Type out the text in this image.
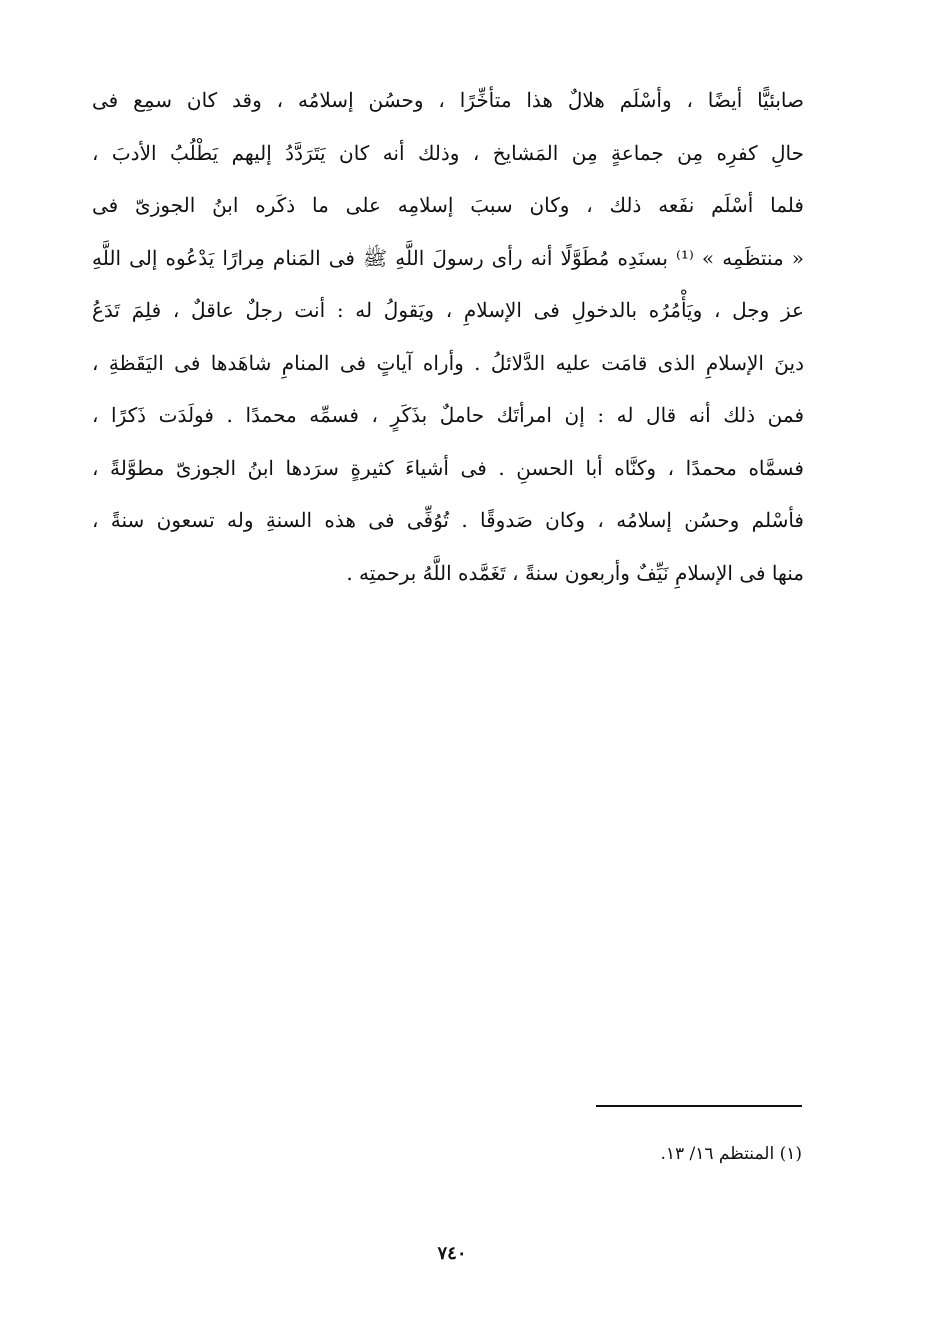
صابئيًّا أيضًا ، وأسْلَم هلالٌ هذا متأخِّرًا ، وحسُن إسلامُه ، وقد كان سمِع فى
حالِ كفرِه مِن جماعةٍ مِن المَشايخ ، وذلك أنه كان يَتَرَدَّدُ إليهم يَطْلُبُ الأدبَ ،
فلما أسْلَم نفَعه ذلك ، وكان سببَ إسلامِه على ما ذكَره ابنُ الجوزىّ فى
« منتظَمِه » ⁽¹⁾ بسنَدِه مُطَوَّلًا أنه رأى رسولَ اللَّهِ ﷺ فى المَنام مِرارًا يَدْعُوه إلى اللَّهِ
عز وجل ، ويَأْمُرُه بالدخولِ فى الإسلامِ ، ويَقولُ له : أنت رجلٌ عاقلٌ ، فلِمَ تَدَعُ
دينَ الإسلامِ الذى قامَت عليه الدَّلائلُ . وأراه آياتٍ فى المنامِ شاهَدها فى اليَقَظةِ ،
فمن ذلك أنه قال له : إن امرأتَك حاملٌ بذَكَرٍ ، فسمِّه محمدًا . فولَدَت ذَكرًا ،
فسمَّاه محمدًا ، وكنَّاه أبا الحسنِ . فى أشياءَ كثيرةٍ سرَدها ابنُ الجوزىّ مطوَّلةً ،
فأسْلم وحسُن إسلامُه ، وكان صَدوقًا . تُوُفِّى فى هذه السنةِ وله تسعون سنةً ،
منها فى الإسلامِ نَيِّفٌ وأربعون سنةً ، تَغَمَّده اللَّهُ برحمتِه .
(١) المنتظم ١٦/ ١٣.
٧٤٠
